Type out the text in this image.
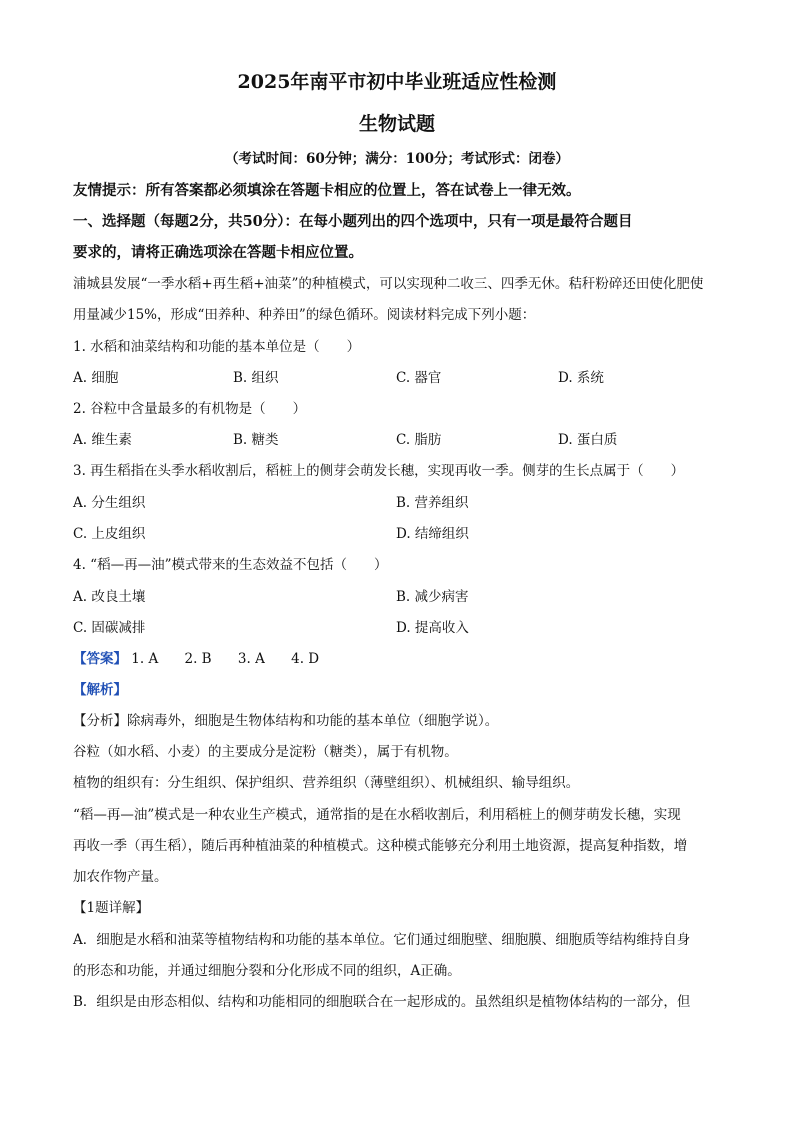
2025年南平市初中毕业班适应性检测
生物试题
（考试时间：60分钟；满分：100分；考试形式：闭卷）
友情提示：所有答案都必须填涂在答题卡相应的位置上，答在试卷上一律无效。
一、选择题（每题2分，共50分）：在每小题列出的四个选项中，只有一项是最符合题目
要求的，请将正确选项涂在答题卡相应位置。
浦城县发展“一季水稻+再生稻+油菜”的种植模式，可以实现种二收三、四季无休。秸秆粉碎还田使化肥使
用量减少15%，形成“田养种、种养田”的绿色循环。阅读材料完成下列小题：
1. 水稻和油菜结构和功能的基本单位是（　　）
A. 细胞	B. 组织	C. 器官	D. 系统
2. 谷粒中含量最多的有机物是（　　）
A. 维生素	B. 糖类	C. 脂肪	D. 蛋白质
3. 再生稻指在头季水稻收割后，稻桩上的侧芽会萌发长穗，实现再收一季。侧芽的生长点属于（　　）
A. 分生组织	B. 营养组织
C. 上皮组织	D. 结缔组织
4. “稻—再—油”模式带来的生态效益不包括（　　）
A. 改良土壤	B. 减少病害
C. 固碳减排	D. 提高收入
【答案】 1. A 2. B 3. A 4. D
【解析】
【分析】除病毒外，细胞是生物体结构和功能的基本单位（细胞学说）。
谷粒（如水稻、小麦）的主要成分是淀粉（糖类），属于有机物。
植物的组织有：分生组织、保护组织、营养组织（薄壁组织）、机械组织、输导组织。
“稻—再—油”模式是一种农业生产模式，通常指的是在水稻收割后，利用稻桩上的侧芽萌发长穗，实现
再收一季（再生稻），随后再种植油菜的种植模式。这种模式能够充分利用土地资源，提高复种指数，增
加农作物产量。
【1题详解】
A．细胞是水稻和油菜等植物结构和功能的基本单位。它们通过细胞壁、细胞膜、细胞质等结构维持自身
的形态和功能，并通过细胞分裂和分化形成不同的组织，A正确。
B．组织是由形态相似、结构和功能相同的细胞联合在一起形成的。虽然组织是植物体结构的一部分，但
